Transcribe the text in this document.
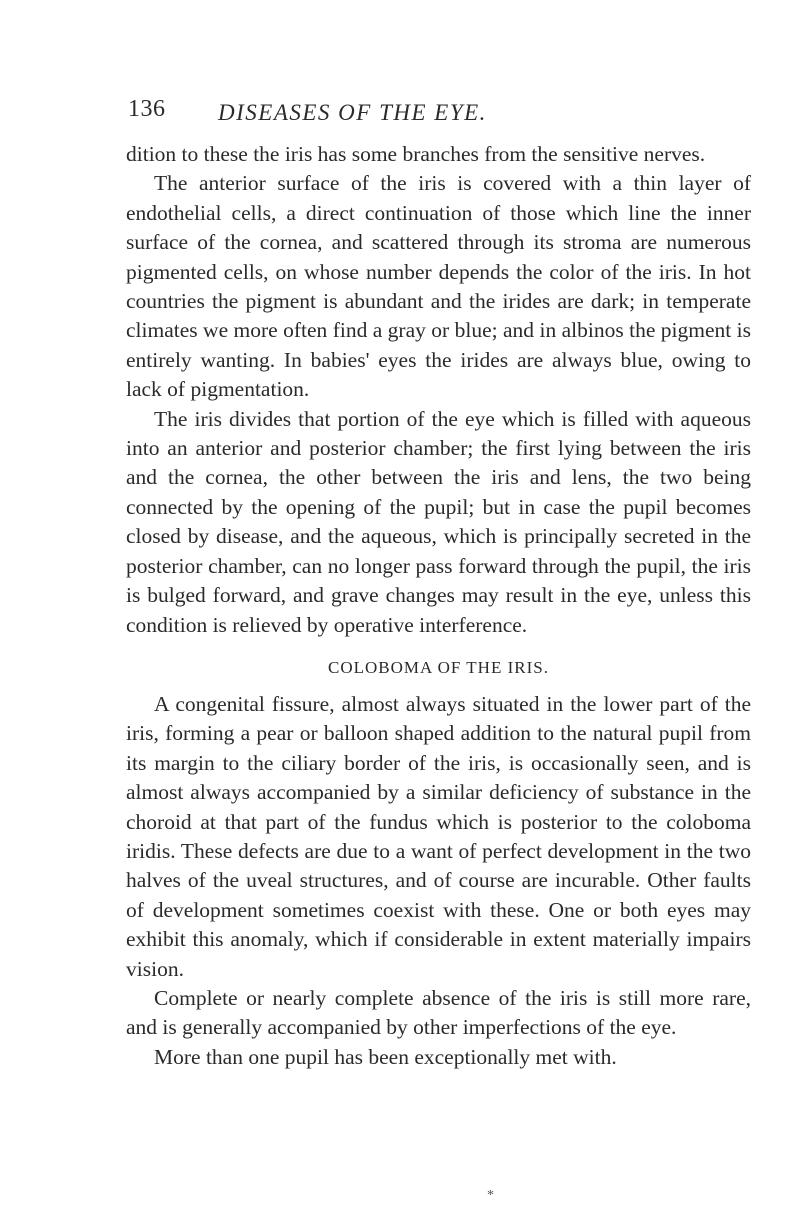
136 DISEASES OF THE EYE.

dition to these the iris has some branches from the sensitive nerves.

The anterior surface of the iris is covered with a thin layer of endothelial cells, a direct continuation of those which line the inner surface of the cornea, and scattered through its stroma are numerous pigmented cells, on whose number depends the color of the iris. In hot countries the pigment is abundant and the irides are dark; in temperate climates we more often find a gray or blue; and in albinos the pigment is entirely wanting. In babies' eyes the irides are always blue, owing to lack of pigmentation.

The iris divides that portion of the eye which is filled with aqueous into an anterior and posterior chamber; the first lying between the iris and the cornea, the other between the iris and lens, the two being connected by the opening of the pupil; but in case the pupil becomes closed by disease, and the aqueous, which is principally secreted in the posterior chamber, can no longer pass forward through the pupil, the iris is bulged forward, and grave changes may result in the eye, unless this condition is relieved by operative interference.

COLOBOMA OF THE IRIS.

A congenital fissure, almost always situated in the lower part of the iris, forming a pear or balloon shaped addition to the natural pupil from its margin to the ciliary border of the iris, is occasionally seen, and is almost always accompanied by a similar deficiency of substance in the choroid at that part of the fundus which is posterior to the coloboma iridis. These defects are due to a want of perfect development in the two halves of the uveal structures, and of course are incurable. Other faults of development sometimes coexist with these. One or both eyes may exhibit this anomaly, which if considerable in extent materially impairs vision.

Complete or nearly complete absence of the iris is still more rare, and is generally accompanied by other imperfections of the eye.

More than one pupil has been exceptionally met with.

*
